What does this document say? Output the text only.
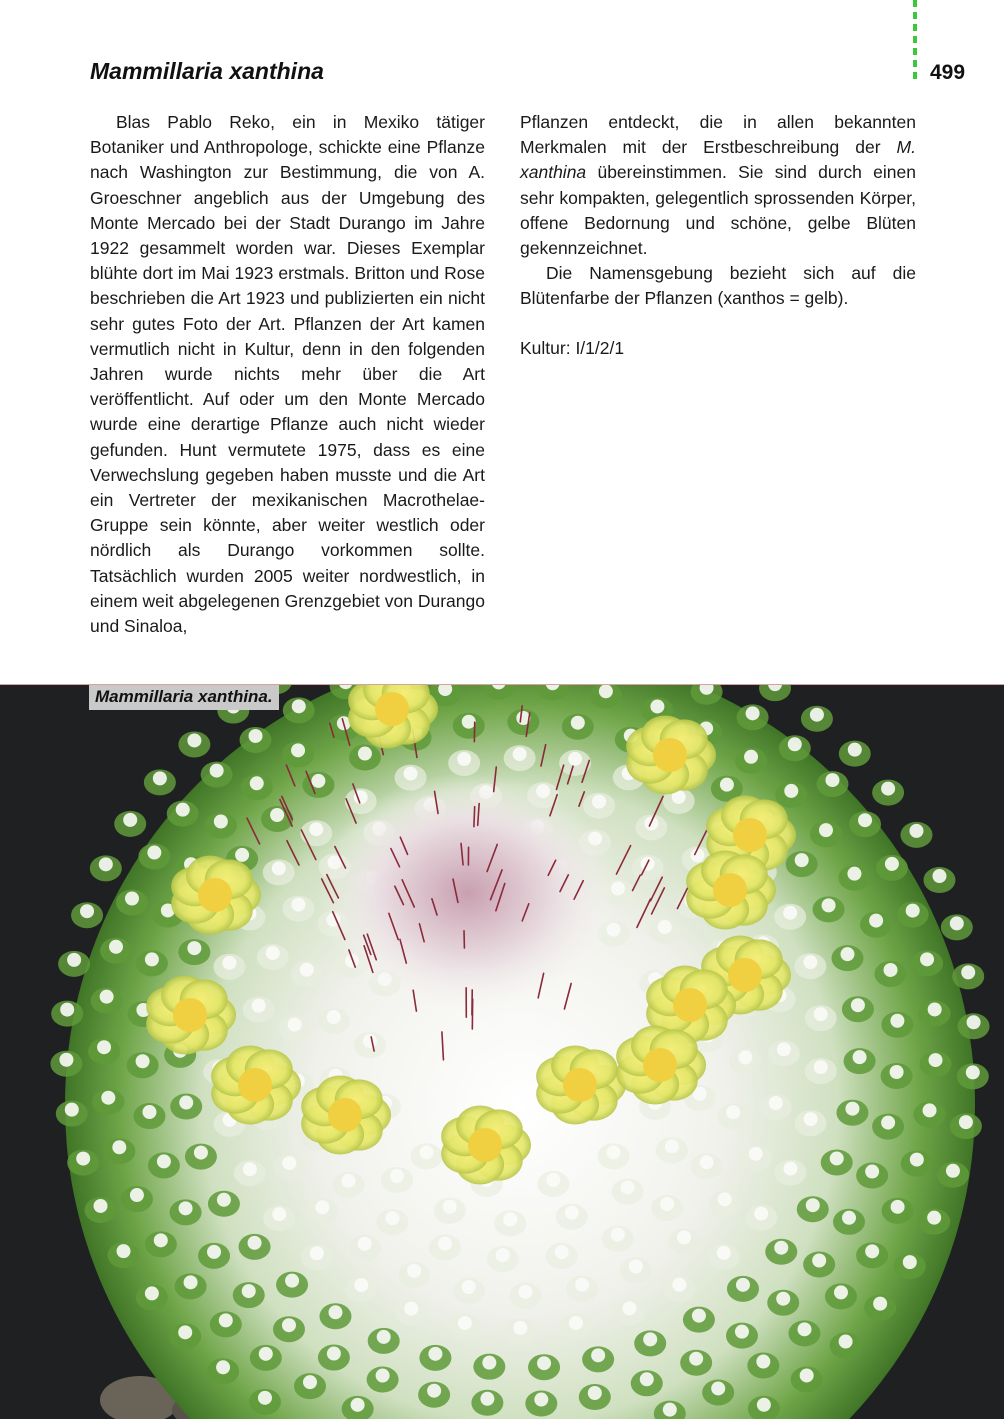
Mammillaria xanthina	499

Blas Pablo Reko, ein in Mexiko tätiger Botaniker und Anthropologe, schickte eine Pflanze nach Washington zur Bestimmung, die von A. Groeschner angeblich aus der Umgebung des Monte Mercado bei der Stadt Durango im Jahre 1922 gesammelt worden war. Dieses Exemplar blühte dort im Mai 1923 erstmals. Britton und Rose beschrieben die Art 1923 und publizierten ein nicht sehr gutes Foto der Art. Pflanzen der Art kamen vermutlich nicht in Kultur, denn in den folgenden Jahren wurde nichts mehr über die Art veröffentlicht. Auf oder um den Monte Mercado wurde eine derartige Pflanze auch nicht wieder gefunden. Hunt vermutete 1975, dass es eine Verwechslung gegeben haben musste und die Art ein Vertreter der mexikanischen Macrothelae-Gruppe sein könnte, aber weiter westlich oder nördlich als Durango vorkommen sollte. Tatsächlich wurden 2005 weiter nordwestlich, in einem weit abgelegenen Grenzgebiet von Durango und Sinaloa,

Pflanzen entdeckt, die in allen bekannten Merkmalen mit der Erstbeschreibung der M. xanthina übereinstimmen. Sie sind durch einen sehr kompakten, gelegentlich sprossenden Körper, offene Bedornung und schöne, gelbe Blüten gekennzeichnet.

Die Namensgebung bezieht sich auf die Blütenfarbe der Pflanzen (xanthos = gelb).

Kultur: I/1/2/1
Mammillaria xanthina.
